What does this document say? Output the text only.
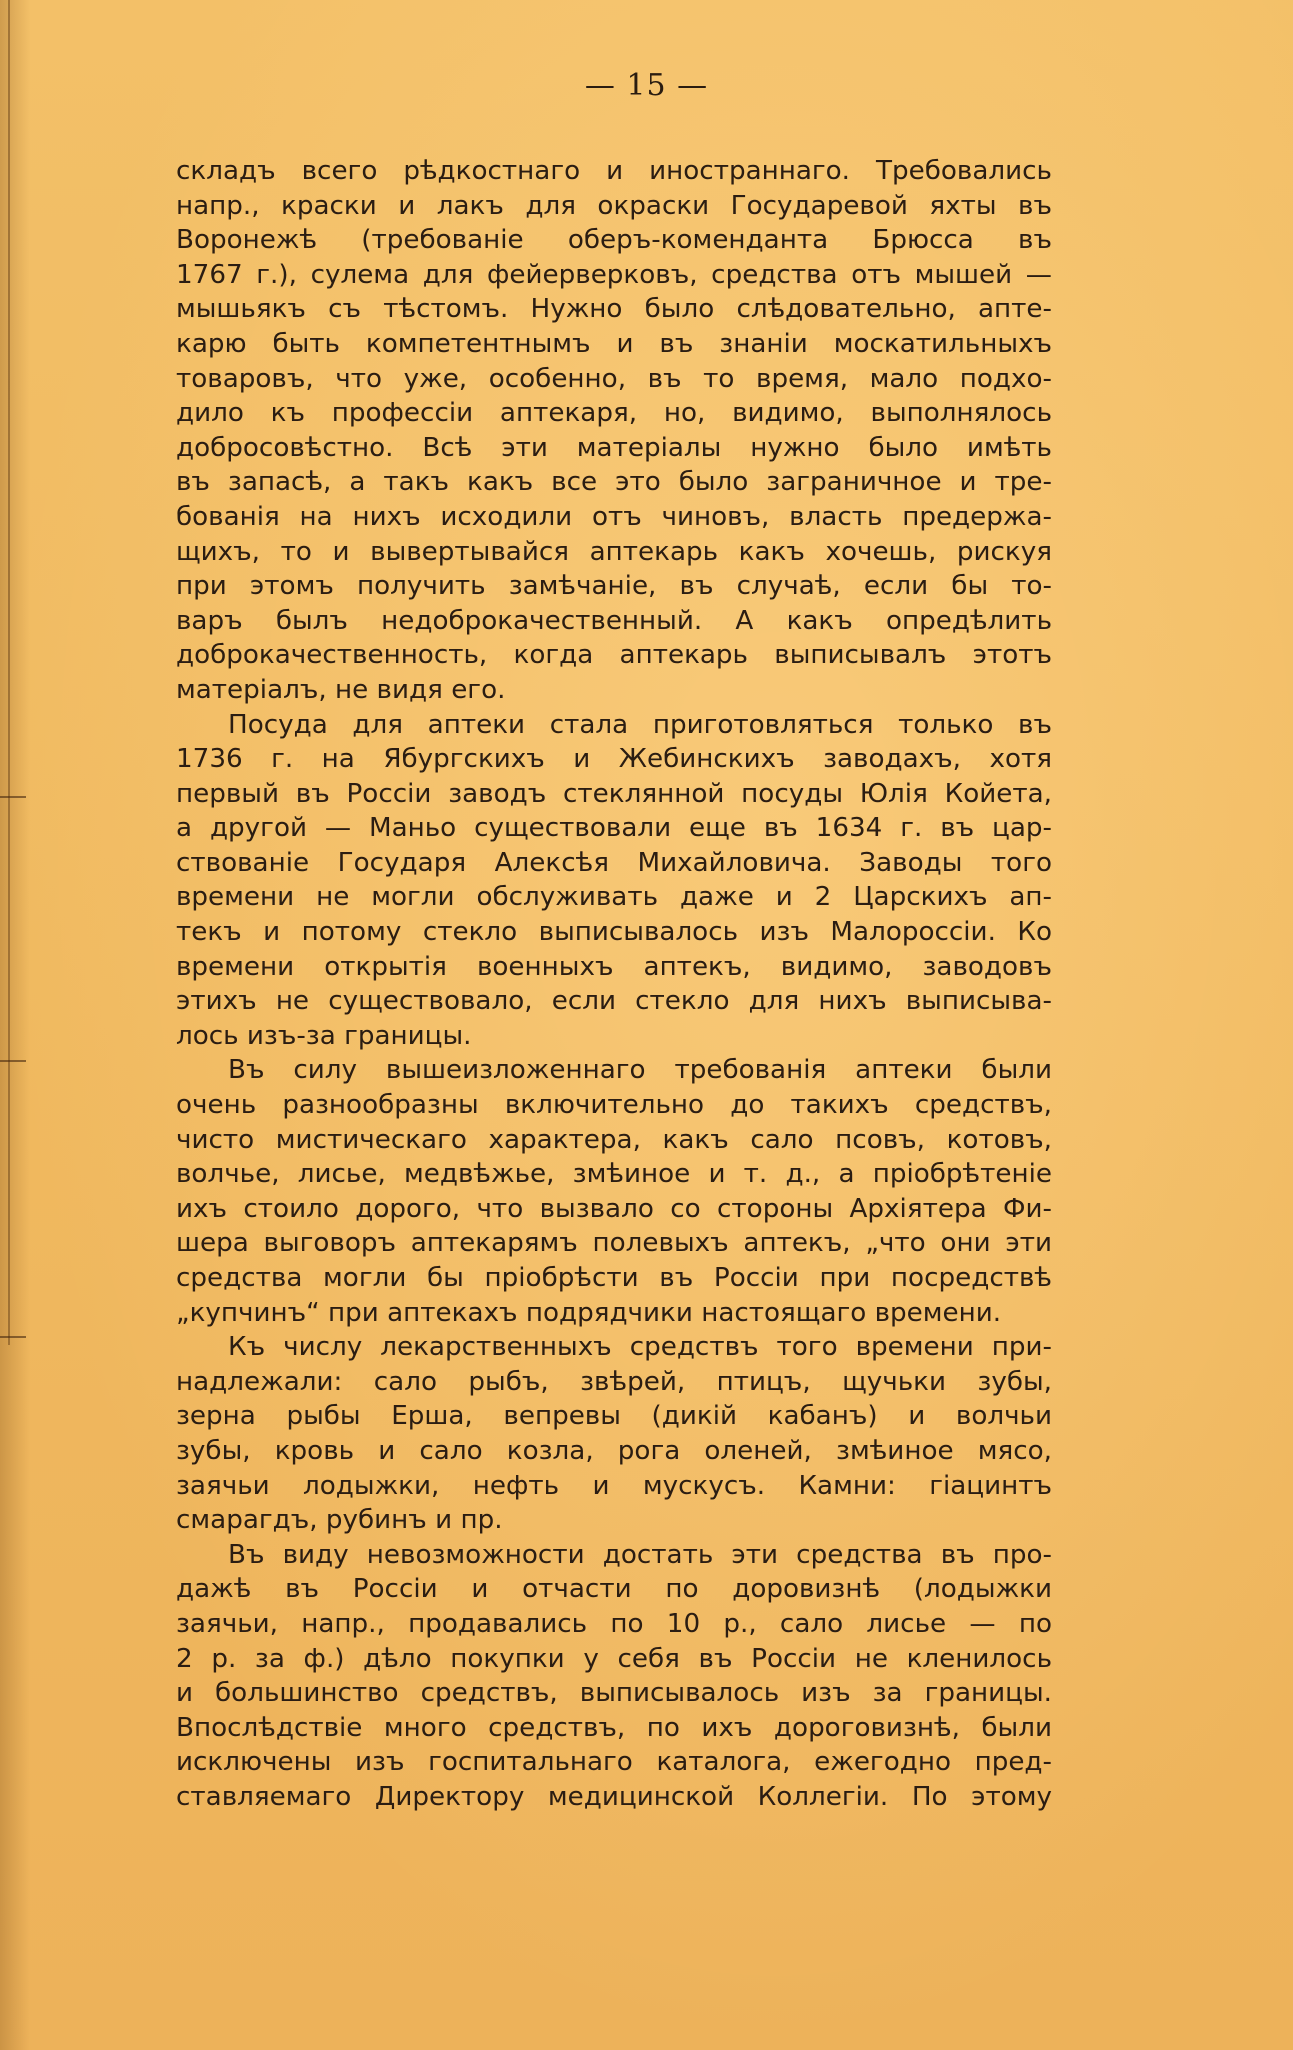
— 15 —

складъ всего рѣдкостнаго и иностраннаго. Требовались
напр., краски и лакъ для окраски Государевой яхты въ
Воронежѣ (требованіе оберъ-коменданта Брюсса въ
1767 г.), сулема для фейерверковъ, средства отъ мышей —
мышьякъ съ тѣстомъ. Нужно было слѣдовательно, апте-
карю быть компетентнымъ и въ знаніи москатильныхъ
товаровъ, что уже, особенно, въ то время, мало подхо-
дило къ профессіи аптекаря, но, видимо, выполнялось
добросовѣстно. Всѣ эти матеріалы нужно было имѣть
въ запасѣ, а такъ какъ все это было заграничное и тре-
бованія на нихъ исходили отъ чиновъ, власть предержа-
щихъ, то и вывертывайся аптекарь какъ хочешь, рискуя
при этомъ получить замѣчаніе, въ случаѣ, если бы то-
варъ былъ недоброкачественный. А какъ опредѣлить
доброкачественность, когда аптекарь выписывалъ этотъ
матеріалъ, не видя его.

Посуда для аптеки стала приготовляться только въ
1736 г. на Ябургскихъ и Жебинскихъ заводахъ, хотя
первый въ Россіи заводъ стеклянной посуды Юлія Койета,
а другой — Маньо существовали еще въ 1634 г. въ цар-
ствованіе Государя Алексѣя Михайловича. Заводы того
времени не могли обслуживать даже и 2 Царскихъ ап-
текъ и потому стекло выписывалось изъ Малороссіи. Ко
времени открытія военныхъ аптекъ, видимо, заводовъ
этихъ не существовало, если стекло для нихъ выписыва-
лось изъ-за границы.

Въ силу вышеизложеннаго требованія аптеки были
очень разнообразны включительно до такихъ средствъ,
чисто мистическаго характера, какъ сало псовъ, котовъ,
волчье, лисье, медвѣжье, змѣиное и т. д., а пріобрѣтеніе
ихъ стоило дорого, что вызвало со стороны Архіятера Фи-
шера выговоръ аптекарямъ полевыхъ аптекъ, „что они эти
средства могли бы пріобрѣсти въ Россіи при посредствѣ
„купчинъ“ при аптекахъ подрядчики настоящаго времени.

Къ числу лекарственныхъ средствъ того времени при-
надлежали: сало рыбъ, звѣрей, птицъ, щучьки зубы,
зерна рыбы Ерша, вепревы (дикій кабанъ) и волчьи
зубы, кровь и сало козла, рога оленей, змѣиное мясо,
заячьи лодыжки, нефть и мускусъ. Камни: гіацинтъ
смарагдъ, рубинъ и пр.

Въ виду невозможности достать эти средства въ про-
дажѣ въ Россіи и отчасти по доровизнѣ (лодыжки
заячьи, напр., продавались по 10 р., сало лисье — по
2 р. за ф.) дѣло покупки у себя въ Россіи не кленилось
и большинство средствъ, выписывалось изъ за границы.
Впослѣдствіе много средствъ, по ихъ дороговизнѣ, были
исключены изъ госпитальнаго каталога, ежегодно пред-
ставляемаго Директору медицинской Коллегіи. По этому
